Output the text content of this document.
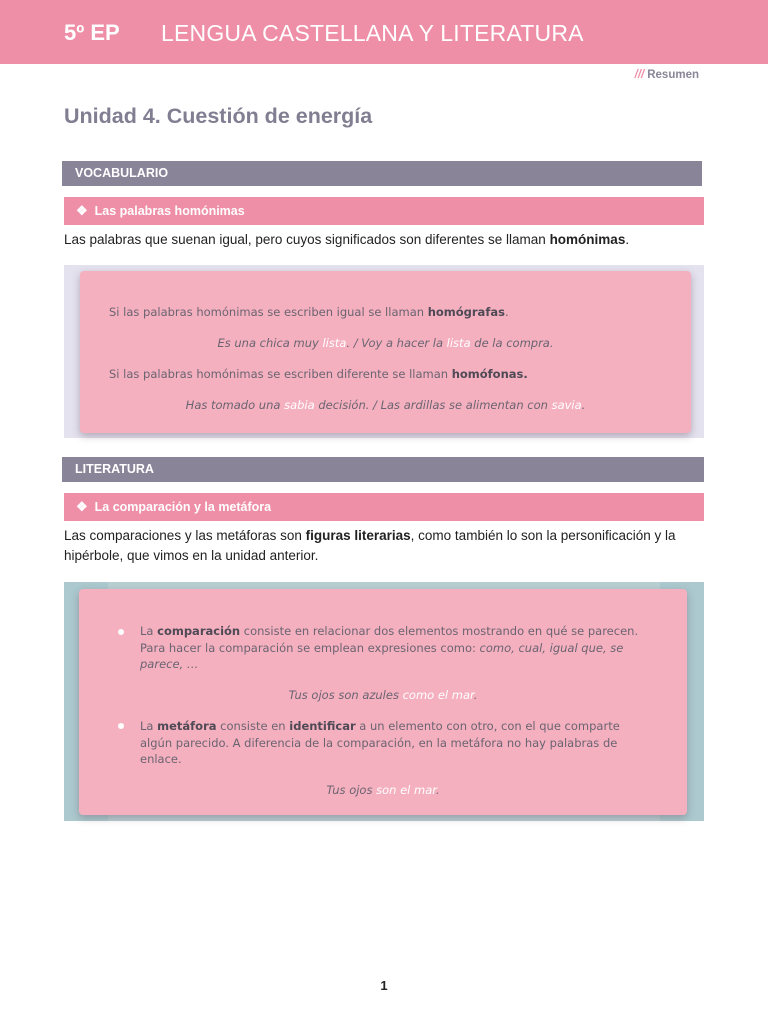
5º EP LENGUA CASTELLANA Y LITERATURA
/// Resumen
Unidad 4. Cuestión de energía
VOCABULARIO
❖ Las palabras homónimas
Las palabras que suenan igual, pero cuyos significados son diferentes se llaman homónimas.
Si las palabras homónimas se escriben igual se llaman homógrafas.
Es una chica muy lista. / Voy a hacer la lista de la compra.
Si las palabras homónimas se escriben diferente se llaman homófonas.
Has tomado una sabia decisión. / Las ardillas se alimentan con savia.
LITERATURA
❖ La comparación y la metáfora
Las comparaciones y las metáforas son figuras literarias, como también lo son la personificación y la hipérbole, que vimos en la unidad anterior.
La comparación consiste en relacionar dos elementos mostrando en qué se parecen. Para hacer la comparación se emplean expresiones como: como, cual, igual que, se parece, …
Tus ojos son azules como el mar.
La metáfora consiste en identificar a un elemento con otro, con el que comparte algún parecido. A diferencia de la comparación, en la metáfora no hay palabras de enlace.
Tus ojos son el mar.
1
